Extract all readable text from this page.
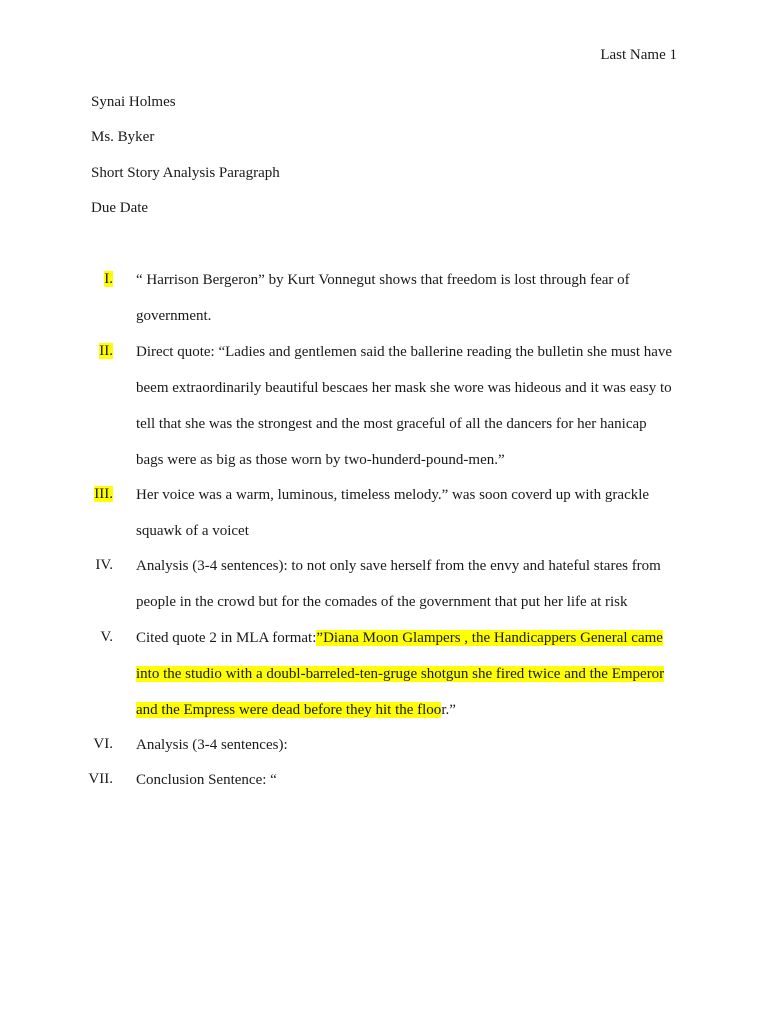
Last Name 1
Synai Holmes
Ms. Byker
Short Story Analysis Paragraph
Due Date
I. “ Harrison Bergeron” by Kurt Vonnegut shows that freedom is lost through fear of government.
II. Direct quote: “Ladies and gentlemen said the ballerine reading the bulletin she must have beem extraordinarily beautiful bescaes her mask she wore was hideous and it was easy to tell that she was the strongest and the most graceful of all the dancers for her hanicap bags were as big as those worn by two-hunderd-pound-men.”
III. Her voice was a warm, luminous, timeless melody.” was soon coverd up with grackle squawk of a voicet
IV. Analysis (3-4 sentences): to not only save herself from the envy and hateful stares from people in the crowd but for the comades of the government that put her life at risk
V. Cited quote 2 in MLA format:”Diana Moon Glampers , the Handicappers General came into the studio with a doubl-barreled-ten-gruge shotgun she fired twice and the Emperor and the Empress were dead before they hit the floor.”
VI. Analysis (3-4 sentences):
VII. Conclusion Sentence: “
